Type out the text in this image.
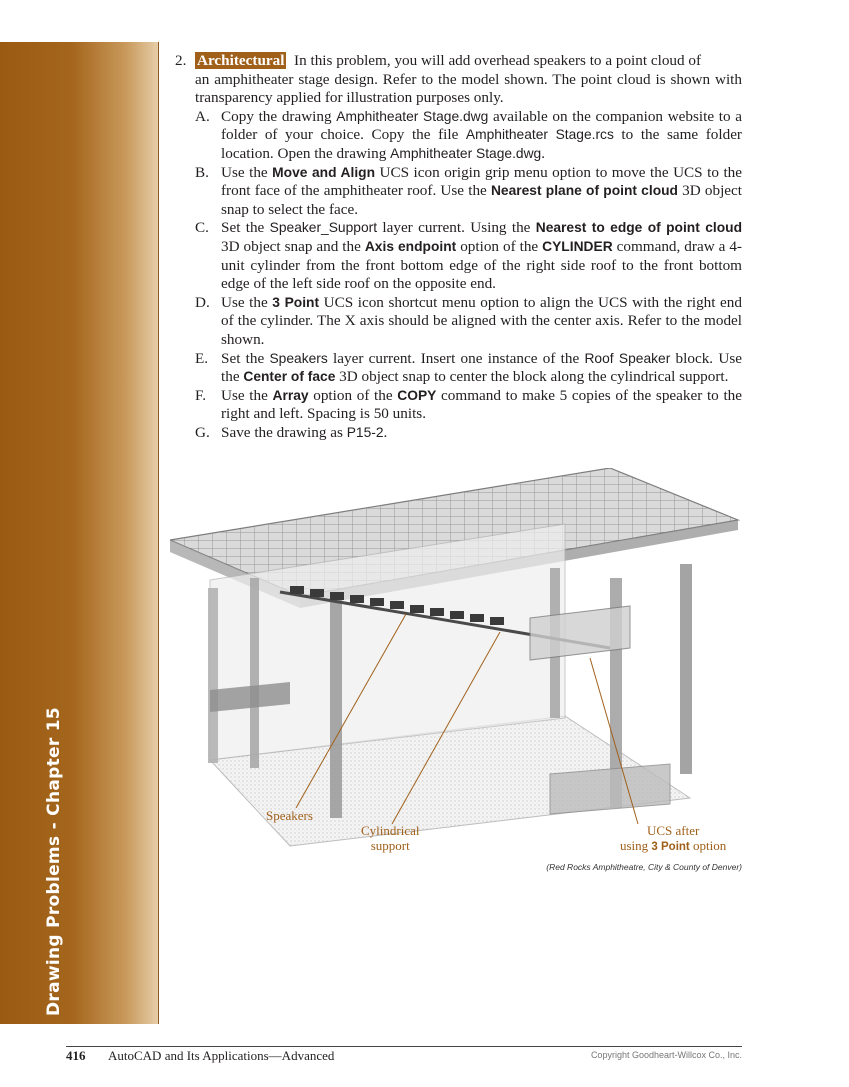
Drawing Problems - Chapter 15
2. Architectural In this problem, you will add overhead speakers to a point cloud of
an amphitheater stage design. Refer to the model shown. The point cloud is shown with transparency applied for illustration purposes only.
A. Copy the drawing Amphitheater Stage.dwg available on the companion website to a folder of your choice. Copy the file Amphitheater Stage.rcs to the same folder location. Open the drawing Amphitheater Stage.dwg.
B. Use the Move and Align UCS icon origin grip menu option to move the UCS to the front face of the amphitheater roof. Use the Nearest plane of point cloud 3D object snap to select the face.
C. Set the Speaker_Support layer current. Using the Nearest to edge of point cloud 3D object snap and the Axis endpoint option of the CYLINDER command, draw a 4-unit cylinder from the front bottom edge of the right side roof to the front bottom edge of the left side roof on the opposite end.
D. Use the 3 Point UCS icon shortcut menu option to align the UCS with the right end of the cylinder. The X axis should be aligned with the center axis. Refer to the model shown.
E. Set the Speakers layer current. Insert one instance of the Roof Speaker block. Use the Center of face 3D object snap to center the block along the cylindrical support.
F. Use the Array option of the COPY command to make 5 copies of the speaker to the right and left. Spacing is 50 units.
G. Save the drawing as P15-2.
Speakers
Cylindrical
support
UCS after
using 3 Point option
(Red Rocks Amphitheatre, City & County of Denver)
416 AutoCAD and Its Applications—Advanced	Copyright Goodheart-Willcox Co., Inc.
